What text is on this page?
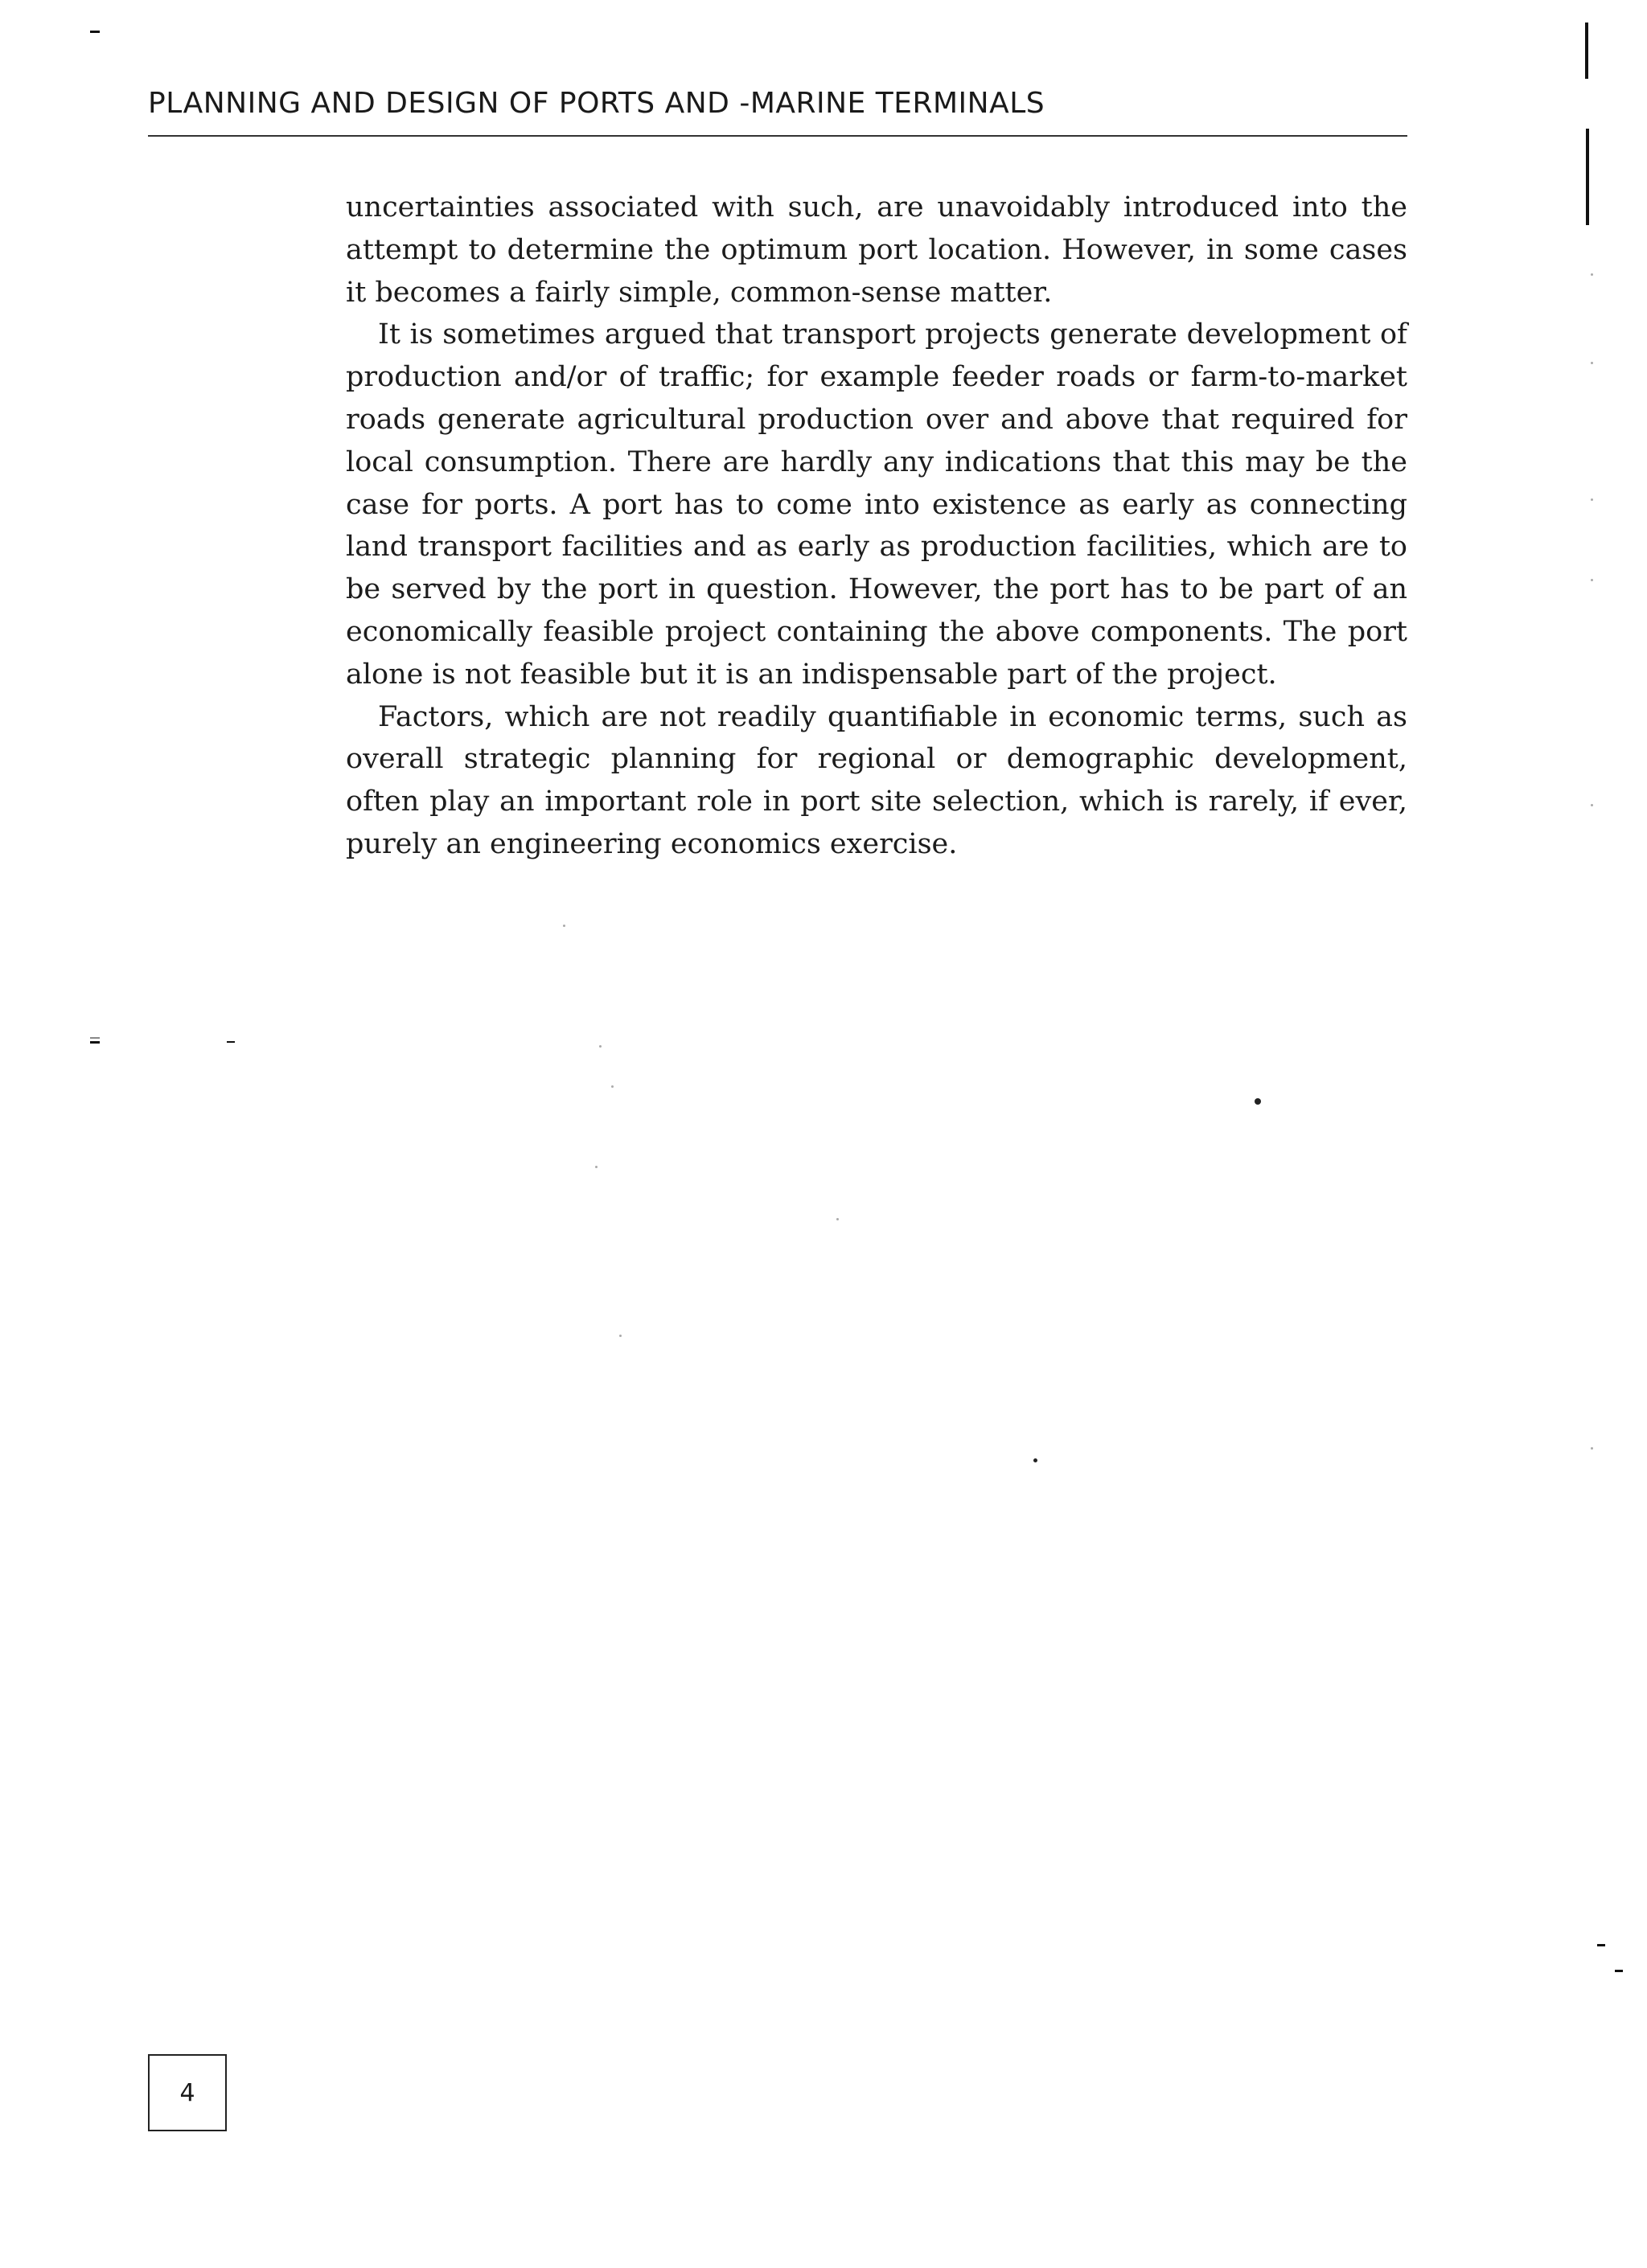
PLANNING AND DESIGN OF PORTS AND -MARINE TERMINALS

uncertainties associated with such, are unavoidably introduced into the attempt to determine the optimum port location. However, in some cases it becomes a fairly simple, common-sense matter.

It is sometimes argued that transport projects generate development of production and/or of traffic; for example feeder roads or farm-to-market roads generate agricultural production over and above that required for local consumption. There are hardly any indications that this may be the case for ports. A port has to come into existence as early as connecting land transport facilities and as early as production facilities, which are to be served by the port in question. However, the port has to be part of an economically feasible project containing the above components. The port alone is not feasible but it is an indispensable part of the project.

Factors, which are not readily quantifiable in economic terms, such as overall strategic planning for regional or demographic development, often play an important role in port site selection, which is rarely, if ever, purely an engineering economics exercise.

4
